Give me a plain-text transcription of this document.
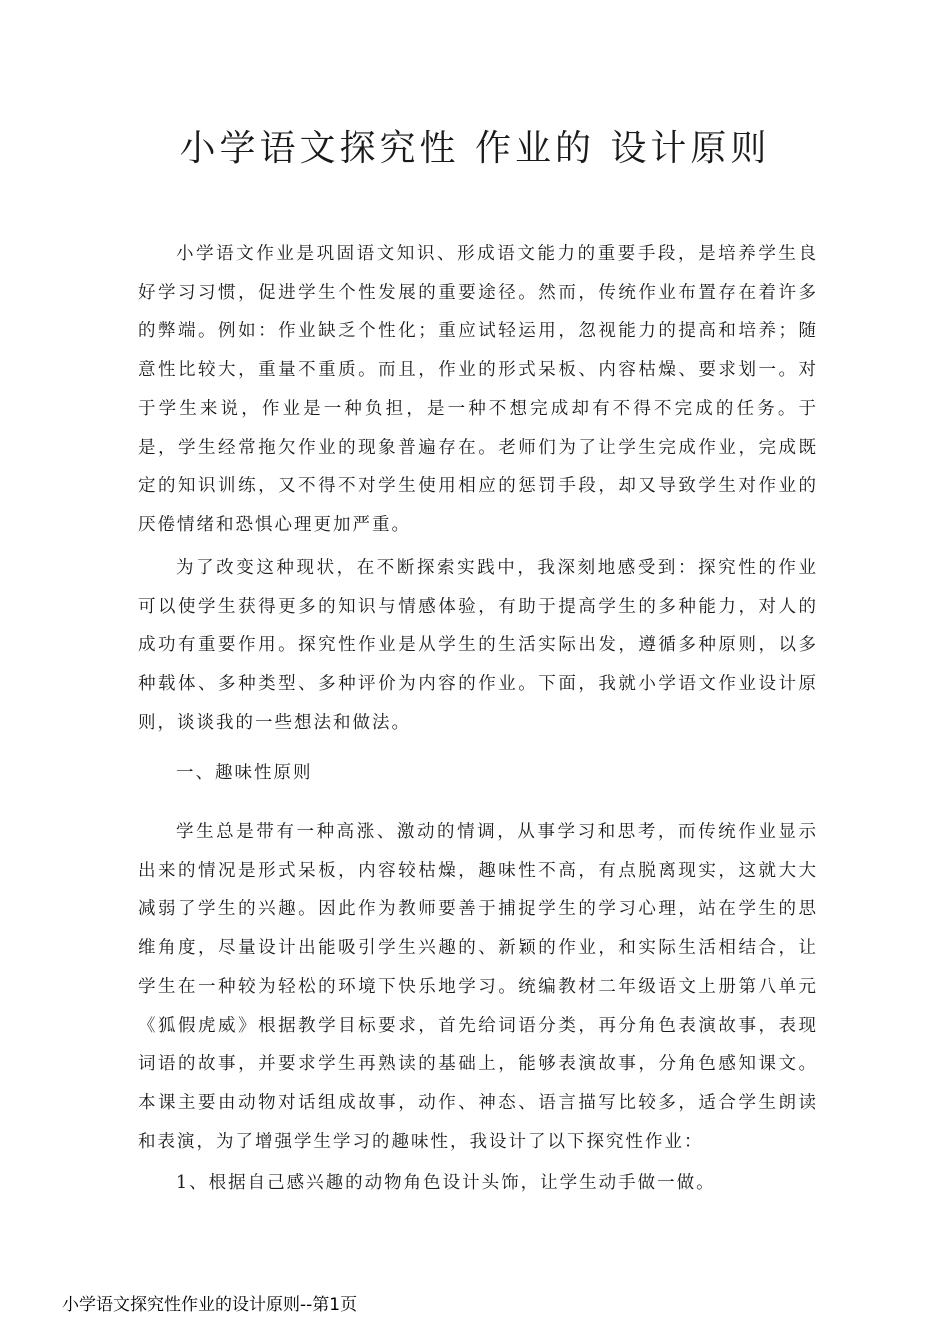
小学语文探究性 作业的 设计原则

小学语文作业是巩固语文知识、形成语文能力的重要手段，是培养学生良好学习习惯，促进学生个性发展的重要途径。然而，传统作业布置存在着许多的弊端。例如：作业缺乏个性化；重应试轻运用，忽视能力的提高和培养；随意性比较大，重量不重质。而且，作业的形式呆板、内容枯燥、要求划一。对于学生来说，作业是一种负担，是一种不想完成却有不得不完成的任务。于是，学生经常拖欠作业的现象普遍存在。老师们为了让学生完成作业，完成既定的知识训练，又不得不对学生使用相应的惩罚手段，却又导致学生对作业的厌倦情绪和恐惧心理更加严重。

为了改变这种现状，在不断探索实践中，我深刻地感受到：探究性的作业可以使学生获得更多的知识与情感体验，有助于提高学生的多种能力，对人的成功有重要作用。探究性作业是从学生的生活实际出发，遵循多种原则，以多种载体、多种类型、多种评价为内容的作业。下面，我就小学语文作业设计原则，谈谈我的一些想法和做法。

一、趣味性原则

学生总是带有一种高涨、激动的情调，从事学习和思考，而传统作业显示出来的情况是形式呆板，内容较枯燥，趣味性不高，有点脱离现实，这就大大减弱了学生的兴趣。因此作为教师要善于捕捉学生的学习心理，站在学生的思维角度，尽量设计出能吸引学生兴趣的、新颖的作业，和实际生活相结合，让学生在一种较为轻松的环境下快乐地学习。统编教材二年级语文上册第八单元《狐假虎威》根据教学目标要求，首先给词语分类，再分角色表演故事，表现词语的故事，并要求学生再熟读的基础上，能够表演故事，分角色感知课文。本课主要由动物对话组成故事，动作、神态、语言描写比较多，适合学生朗读和表演，为了增强学生学习的趣味性，我设计了以下探究性作业：

1、根据自己感兴趣的动物角色设计头饰，让学生动手做一做。

小学语文探究性作业的设计原则--第1页
